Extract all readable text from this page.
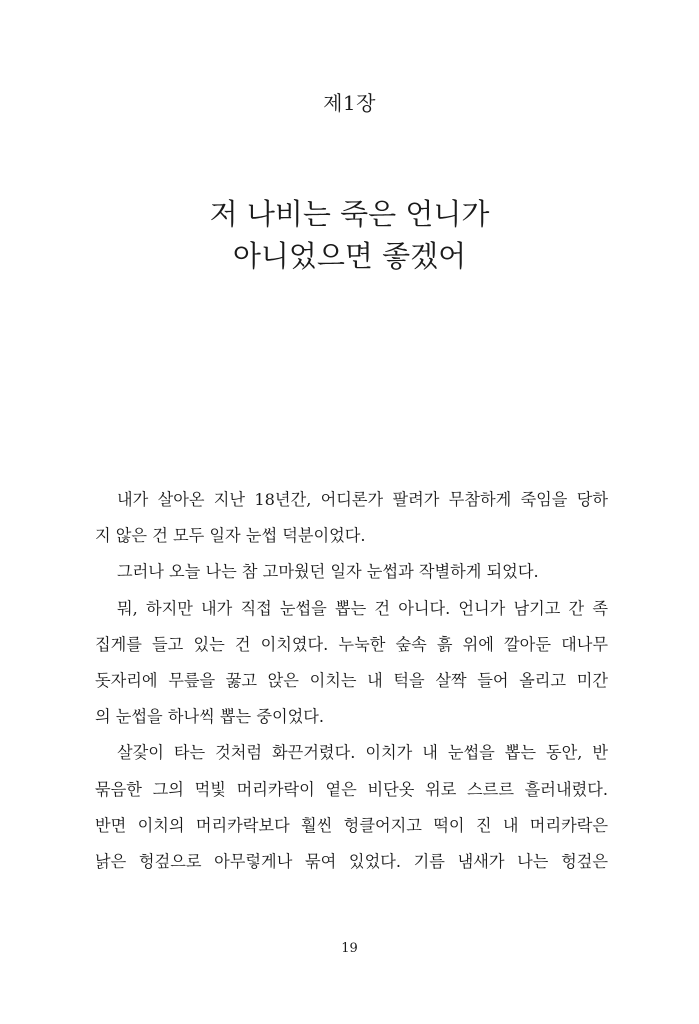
제1장
저 나비는 죽은 언니가
아니었으면 좋겠어
내가 살아온 지난 18년간, 어디론가 팔려가 무참하게 죽임을 당하
지 않은 건 모두 일자 눈썹 덕분이었다.
그러나 오늘 나는 참 고마웠던 일자 눈썹과 작별하게 되었다.
뭐, 하지만 내가 직접 눈썹을 뽑는 건 아니다. 언니가 남기고 간 족
집게를 들고 있는 건 이치였다. 누눅한 숲속 흙 위에 깔아둔 대나무
돗자리에 무릎을 꿇고 앉은 이치는 내 턱을 살짝 들어 올리고 미간
의 눈썹을 하나씩 뽑는 중이었다.
살갗이 타는 것처럼 화끈거렸다. 이치가 내 눈썹을 뽑는 동안, 반
묶음한 그의 먹빛 머리카락이 옅은 비단옷 위로 스르르 흘러내렸다.
반면 이치의 머리카락보다 훨씬 헝클어지고 떡이 진 내 머리카락은
낡은 헝겊으로 아무렇게나 묶여 있었다. 기름 냄새가 나는 헝겊은
19
